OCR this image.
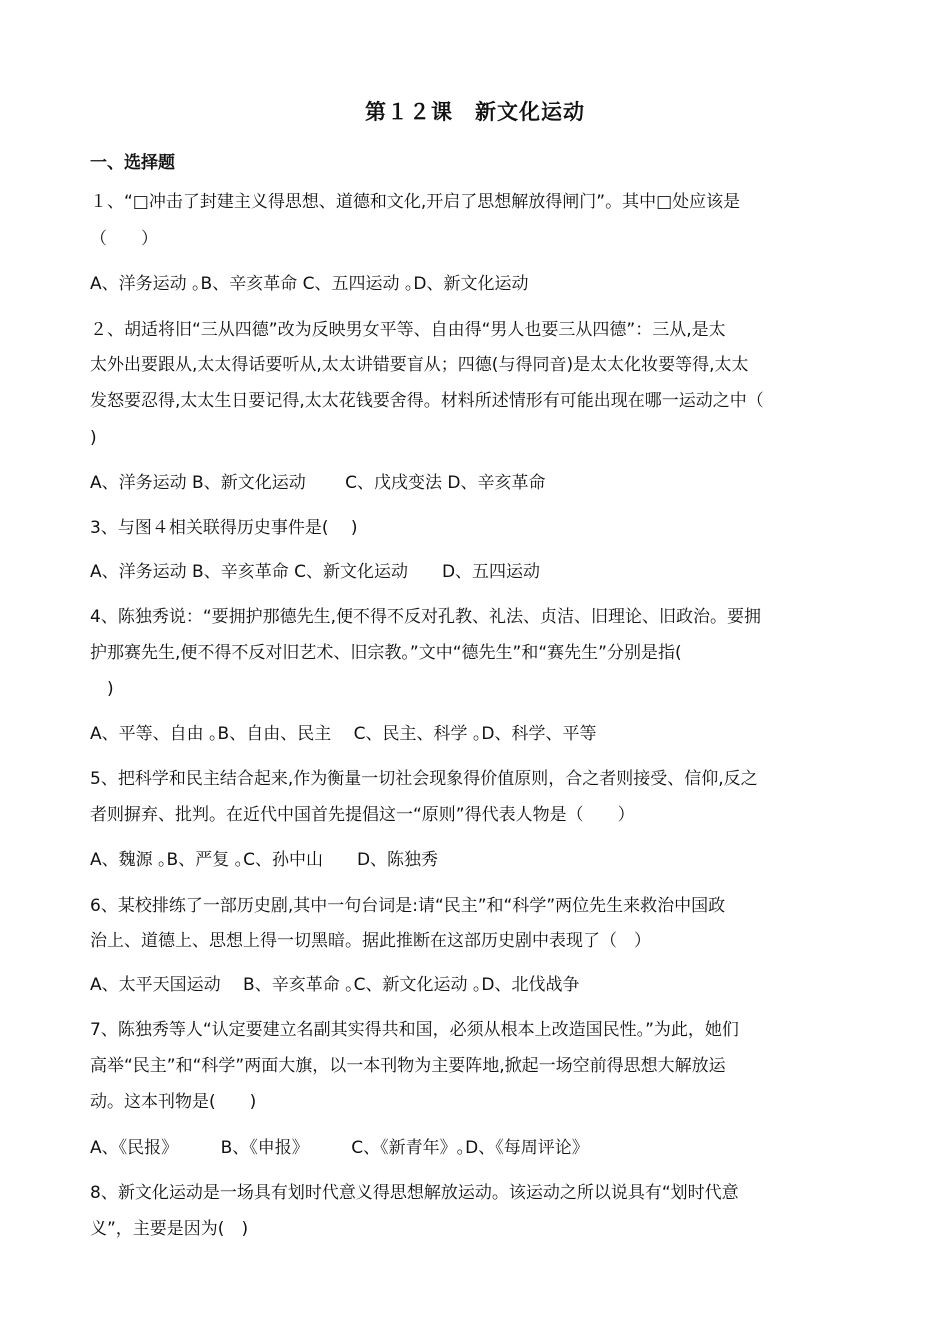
第１２课　新文化运动
一、选择题
１、“□冲击了封建主义得思想、道德和文化,开启了思想解放得闸门”。其中□处应该是
（　　）
A、洋务运动 ｡B、辛亥革命 C、五四运动 ｡D、新文化运动
２、胡适将旧“三从四德”改为反映男女平等、自由得“男人也要三从四德”：三从,是太
太外出要跟从,太太得话要听从,太太讲错要盲从；四德(与得同音)是太太化妆要等得,太太
发怒要忍得,太太生日要记得,太太花钱要舍得。材料所述情形有可能出现在哪一运动之中（
)
A、洋务运动 B、新文化运动　　 C、戊戌变法 D、辛亥革命
3、与图４相关联得历史事件是(　 )
A、洋务运动 B、辛亥革命 C、新文化运动　　D、五四运动
4、陈独秀说：“要拥护那德先生,便不得不反对孔教、礼法、贞洁、旧理论、旧政治。要拥
护那赛先生,便不得不反对旧艺术、旧宗教。”文中“德先生”和“赛先生”分别是指(
　)
A、平等、自由 ｡B、自由、民主　 C、民主、科学 ｡D、科学、平等
5、把科学和民主结合起来,作为衡量一切社会现象得价值原则，合之者则接受、信仰,反之
者则摒弃、批判。在近代中国首先提倡这一“原则”得代表人物是（　　）
A、魏源 ｡B、严复 ｡C、孙中山　　D、陈独秀
6、某校排练了一部历史剧,其中一句台词是:请“民主”和“科学”两位先生来救治中国政
治上、道德上、思想上得一切黑暗。据此推断在这部历史剧中表现了（　）
A、太平天国运动　 B、辛亥革命 ｡C、新文化运动 ｡D、北伐战争
7、陈独秀等人“认定要建立名副其实得共和国，必须从根本上改造国民性。”为此，她们
高举“民主”和“科学”两面大旗，以一本刊物为主要阵地,掀起一场空前得思想大解放运
动。这本刊物是(　　)
A、《民报》　　　B、《申报》　　　C、《新青年》｡D、《每周评论》
8、新文化运动是一场具有划时代意义得思想解放运动。该运动之所以说具有“划时代意
义”，主要是因为(　)
